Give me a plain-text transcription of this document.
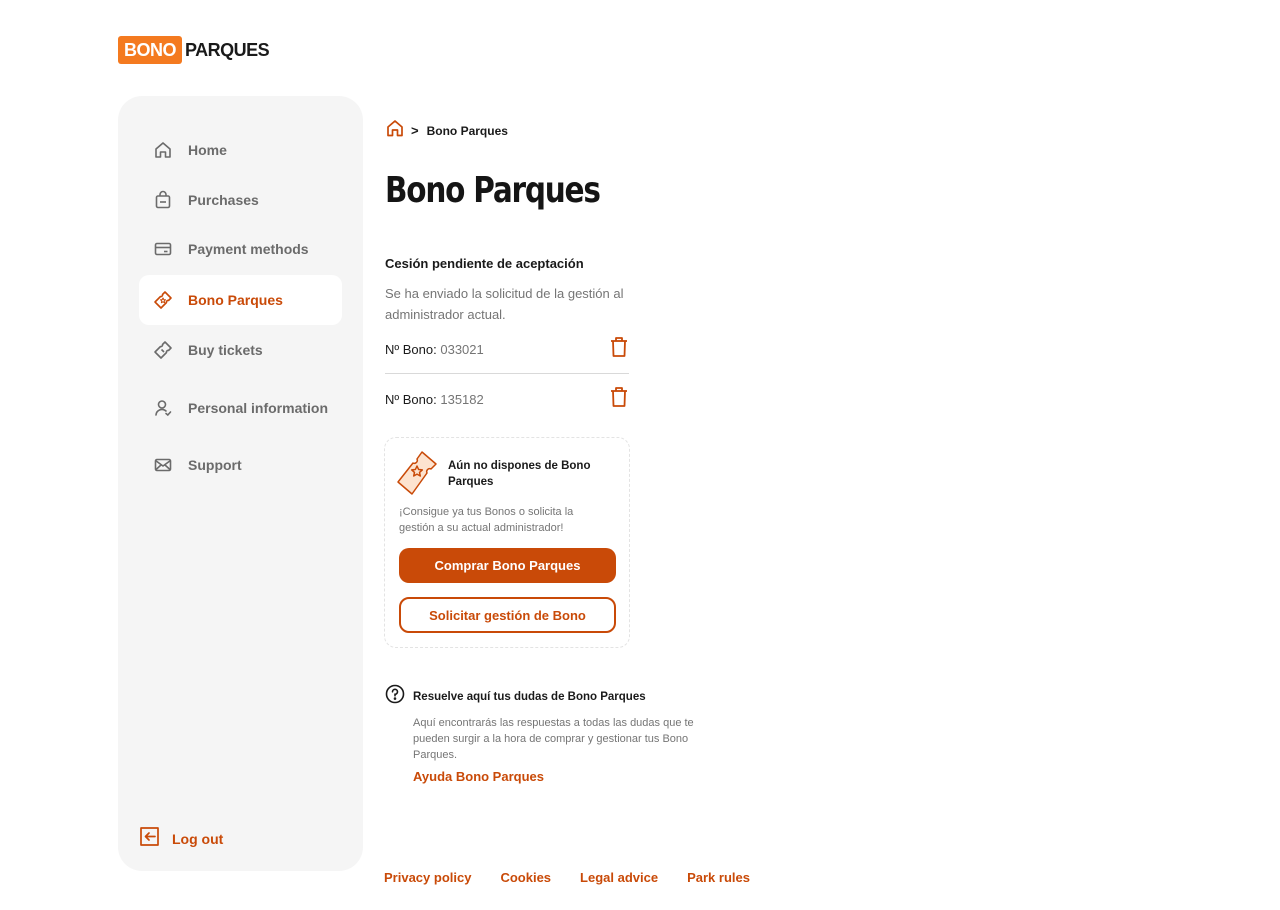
BONO PARQUES
Home
Purchases
Payment methods
Bono Parques
Buy tickets
Personal information
Support
Log out
> Bono Parques
Bono Parques
Cesión pendiente de aceptación
Se ha enviado la solicitud de la gestión al administrador actual.
Nº Bono: 033021
Nº Bono: 135182
Aún no dispones de Bono Parques
¡Consigue ya tus Bonos o solicita la gestión a su actual administrador!
Comprar Bono Parques
Solicitar gestión de Bono
Resuelve aquí tus dudas de Bono Parques
Aquí encontrarás las respuestas a todas las dudas que te pueden surgir a la hora de comprar y gestionar tus Bono Parques.
Ayuda Bono Parques
Privacy policy Cookies Legal advice Park rules
